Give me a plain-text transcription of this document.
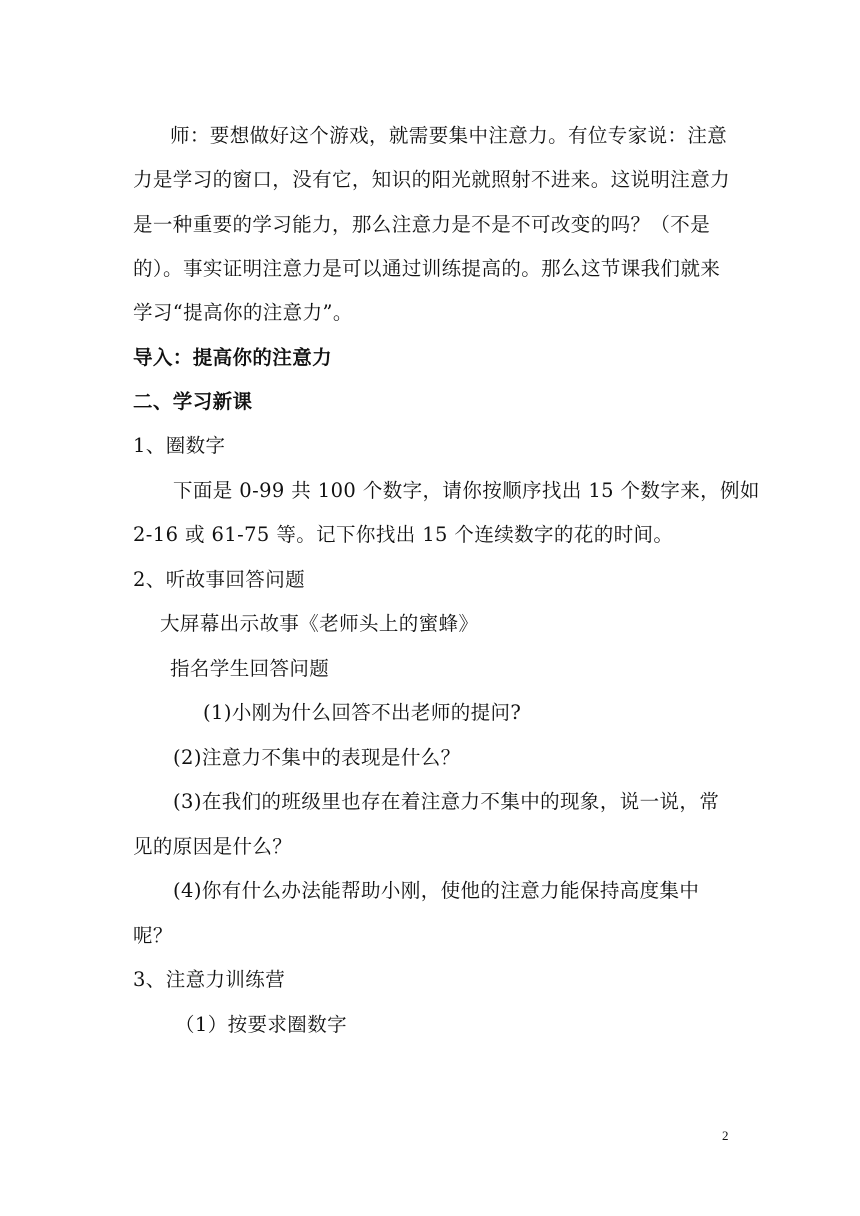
师：要想做好这个游戏，就需要集中注意力。有位专家说：注意
力是学习的窗口，没有它，知识的阳光就照射不进来。这说明注意力
是一种重要的学习能力，那么注意力是不是不可改变的吗？（不是
的）。事实证明注意力是可以通过训练提高的。那么这节课我们就来
学习“提高你的注意力”。
导入：提高你的注意力
二、学习新课
1、圈数字
下面是 0-99 共 100 个数字，请你按顺序找出 15 个数字来，例如
2-16 或 61-75 等。记下你找出 15 个连续数字的花的时间。
2、听故事回答问题
大屏幕出示故事《老师头上的蜜蜂》
指名学生回答问题
(1)小刚为什么回答不出老师的提问?
(2)注意力不集中的表现是什么？
(3)在我们的班级里也存在着注意力不集中的现象，说一说，常
见的原因是什么？
(4)你有什么办法能帮助小刚，使他的注意力能保持高度集中
呢？
3、注意力训练营
（1）按要求圈数字
2
